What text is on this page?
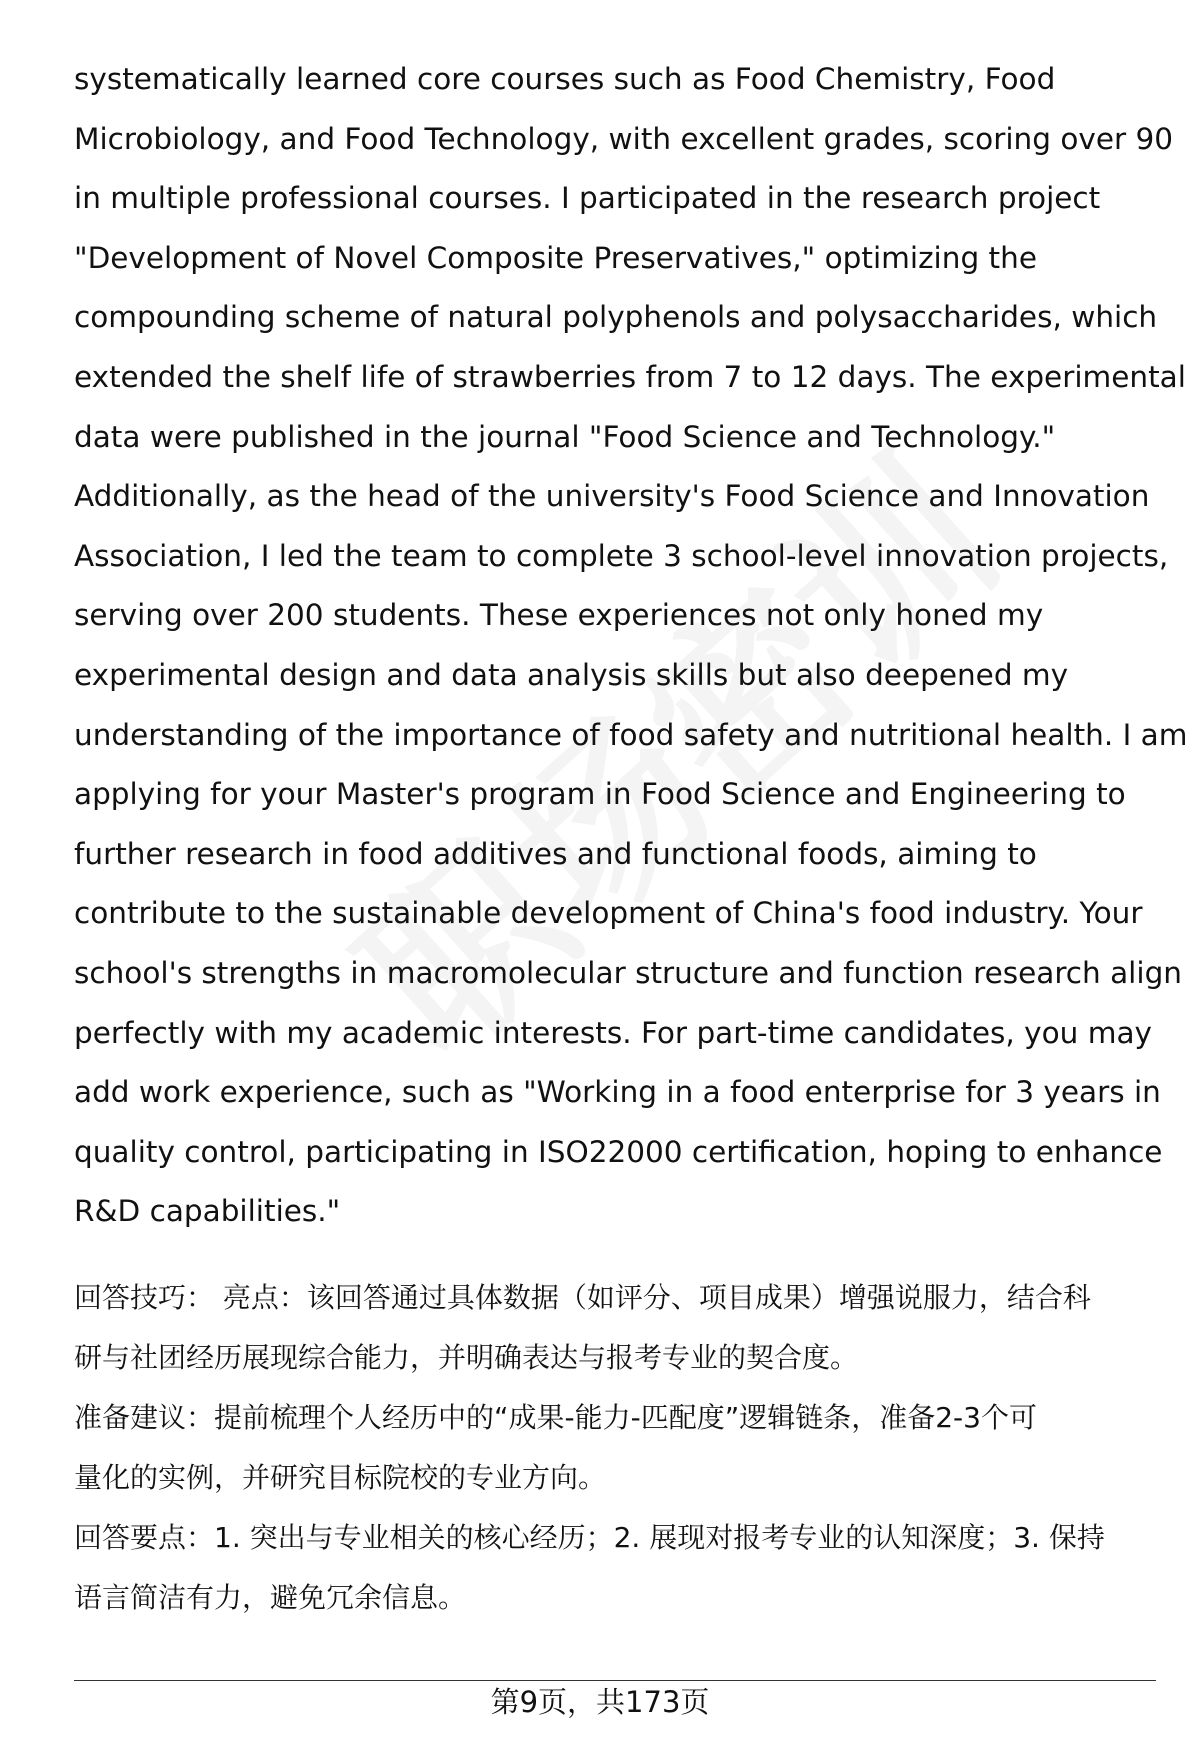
systematically learned core courses such as Food Chemistry, Food
Microbiology, and Food Technology, with excellent grades, scoring over 90
in multiple professional courses. I participated in the research project
"Development of Novel Composite Preservatives," optimizing the
compounding scheme of natural polyphenols and polysaccharides, which
extended the shelf life of strawberries from 7 to 12 days. The experimental
data were published in the journal "Food Science and Technology."
Additionally, as the head of the university's Food Science and Innovation
Association, I led the team to complete 3 school-level innovation projects,
serving over 200 students. These experiences not only honed my
experimental design and data analysis skills but also deepened my
understanding of the importance of food safety and nutritional health. I am
applying for your Master's program in Food Science and Engineering to
further research in food additives and functional foods, aiming to
contribute to the sustainable development of China's food industry. Your
school's strengths in macromolecular structure and function research align
perfectly with my academic interests. For part-time candidates, you may
add work experience, such as "Working in a food enterprise for 3 years in
quality control, participating in ISO22000 certification, hoping to enhance
R&D capabilities."
回答技巧： 亮点：该回答通过具体数据（如评分、项目成果）增强说服力，结合科
研与社团经历展现综合能力，并明确表达与报考专业的契合度。
准备建议：提前梳理个人经历中的“成果-能力-匹配度”逻辑链条，准备2-3个可
量化的实例，并研究目标院校的专业方向。
回答要点：1. 突出与专业相关的核心经历；2. 展现对报考专业的认知深度；3. 保持
语言简洁有力，避免冗余信息。
第9页，共173页
